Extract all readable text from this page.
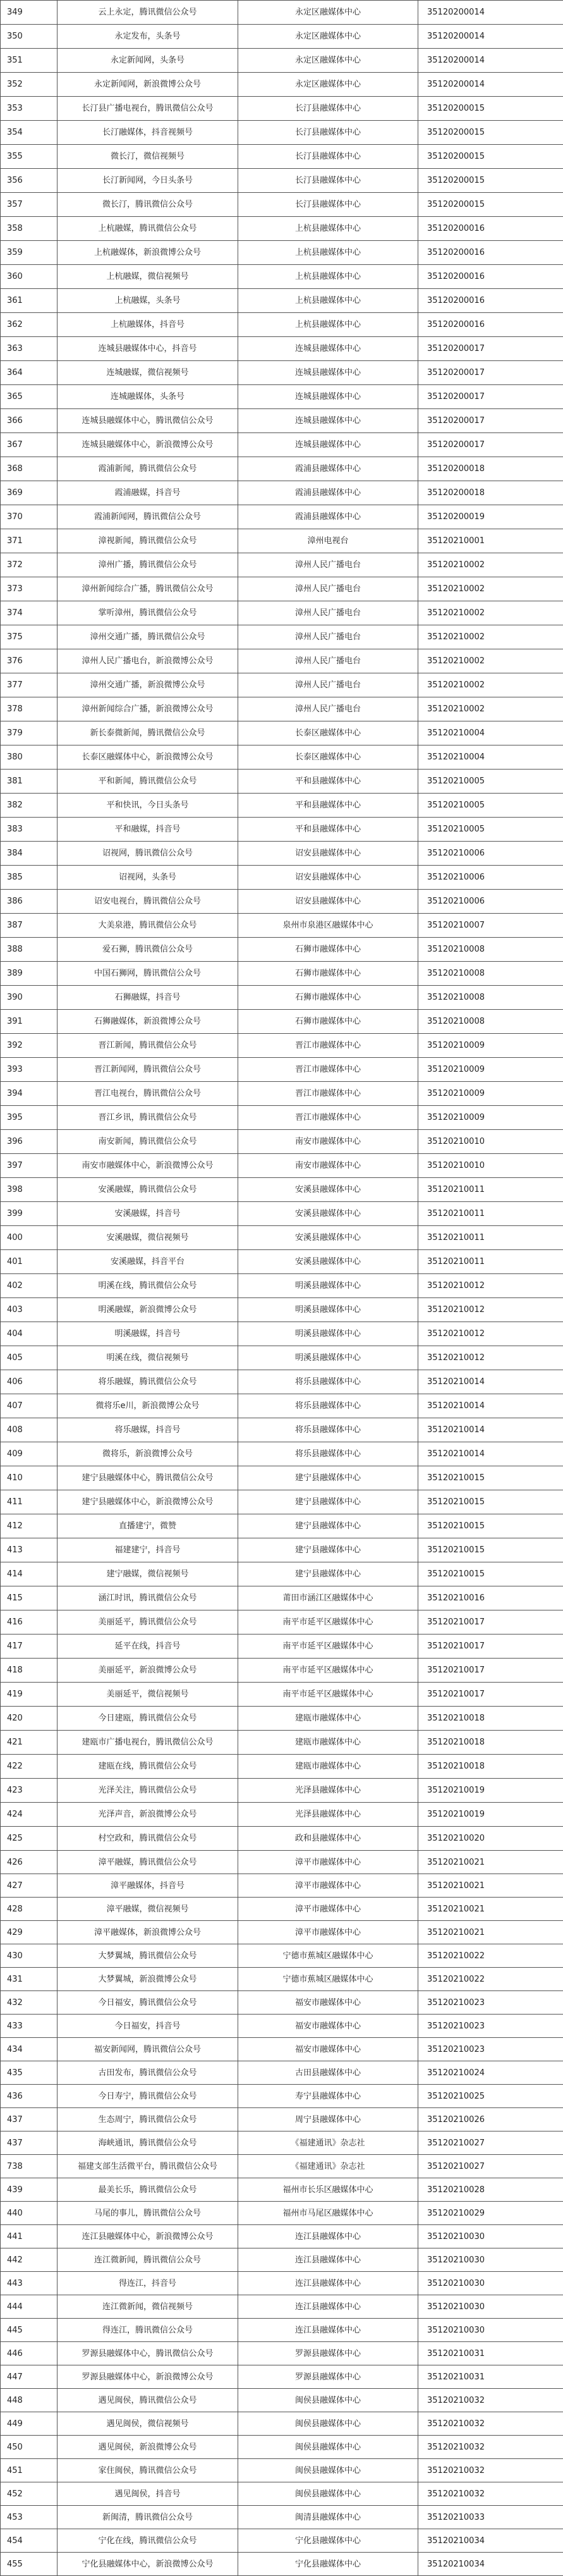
349	云上永定，腾讯微信公众号	永定区融媒体中心	35120200014
350	永定发布，头条号	永定区融媒体中心	35120200014
351	永定新闻网，头条号	永定区融媒体中心	35120200014
352	永定新闻网，新浪微博公众号	永定区融媒体中心	35120200014
353	长汀县广播电视台，腾讯微信公众号	长汀县融媒体中心	35120200015
354	长汀融媒体，抖音视频号	长汀县融媒体中心	35120200015
355	微长汀，微信视频号	长汀县融媒体中心	35120200015
356	长汀新闻网，今日头条号	长汀县融媒体中心	35120200015
357	微长汀，腾讯微信公众号	长汀县融媒体中心	35120200015
358	上杭融媒，腾讯微信公众号	上杭县融媒体中心	35120200016
359	上杭融媒体，新浪微博公众号	上杭县融媒体中心	35120200016
360	上杭融媒，微信视频号	上杭县融媒体中心	35120200016
361	上杭融媒，头条号	上杭县融媒体中心	35120200016
362	上杭融媒体，抖音号	上杭县融媒体中心	35120200016
363	连城县融媒体中心，抖音号	连城县融媒体中心	35120200017
364	连城融媒，微信视频号	连城县融媒体中心	35120200017
365	连城融媒体，头条号	连城县融媒体中心	35120200017
366	连城县融媒体中心，腾讯微信公众号	连城县融媒体中心	35120200017
367	连城县融媒体中心，新浪微博公众号	连城县融媒体中心	35120200017
368	霞浦新闻，腾讯微信公众号	霞浦县融媒体中心	35120200018
369	霞浦融媒，抖音号	霞浦县融媒体中心	35120200018
370	霞浦新闻网，腾讯微信公众号	霞浦县融媒体中心	35120200019
371	漳视新闻，腾讯微信公众号	漳州电视台	35120210001
372	漳州广播，腾讯微信公众号	漳州人民广播电台	35120210002
373	漳州新闻综合广播，腾讯微信公众号	漳州人民广播电台	35120210002
374	掌听漳州，腾讯微信公众号	漳州人民广播电台	35120210002
375	漳州交通广播，腾讯微信公众号	漳州人民广播电台	35120210002
376	漳州人民广播电台，新浪微博公众号	漳州人民广播电台	35120210002
377	漳州交通广播，新浪微博公众号	漳州人民广播电台	35120210002
378	漳州新闻综合广播，新浪微博公众号	漳州人民广播电台	35120210002
379	新长泰微新闻，腾讯微信公众号	长泰区融媒体中心	35120210004
380	长泰区融媒体中心，新浪微博公众号	长泰区融媒体中心	35120210004
381	平和新闻，腾讯微信公众号	平和县融媒体中心	35120210005
382	平和快讯，今日头条号	平和县融媒体中心	35120210005
383	平和融媒，抖音号	平和县融媒体中心	35120210005
384	诏视网，腾讯微信公众号	诏安县融媒体中心	35120210006
385	诏视网，头条号	诏安县融媒体中心	35120210006
386	诏安电视台，腾讯微信公众号	诏安县融媒体中心	35120210006
387	大美泉港，腾讯微信公众号	泉州市泉港区融媒体中心	35120210007
388	爱石狮，腾讯微信公众号	石狮市融媒体中心	35120210008
389	中国石狮网，腾讯微信公众号	石狮市融媒体中心	35120210008
390	石狮融媒，抖音号	石狮市融媒体中心	35120210008
391	石狮融媒体，新浪微博公众号	石狮市融媒体中心	35120210008
392	晋江新闻，腾讯微信公众号	晋江市融媒体中心	35120210009
393	晋江新闻网，腾讯微信公众号	晋江市融媒体中心	35120210009
394	晋江电视台，腾讯微信公众号	晋江市融媒体中心	35120210009
395	晋江乡讯，腾讯微信公众号	晋江市融媒体中心	35120210009
396	南安新闻，腾讯微信公众号	南安市融媒体中心	35120210010
397	南安市融媒体中心，新浪微博公众号	南安市融媒体中心	35120210010
398	安溪融媒，腾讯微信公众号	安溪县融媒体中心	35120210011
399	安溪融媒，抖音号	安溪县融媒体中心	35120210011
400	安溪融媒，微信视频号	安溪县融媒体中心	35120210011
401	安溪融媒，抖音平台	安溪县融媒体中心	35120210011
402	明溪在线，腾讯微信公众号	明溪县融媒体中心	35120210012
403	明溪融媒，新浪微博公众号	明溪县融媒体中心	35120210012
404	明溪融媒，抖音号	明溪县融媒体中心	35120210012
405	明溪在线，微信视频号	明溪县融媒体中心	35120210012
406	将乐融媒，腾讯微信公众号	将乐县融媒体中心	35120210014
407	微将乐e川，新浪微博公众号	将乐县融媒体中心	35120210014
408	将乐融媒，抖音号	将乐县融媒体中心	35120210014
409	微将乐，新浪微博公众号	将乐县融媒体中心	35120210014
410	建宁县融媒体中心，腾讯微信公众号	建宁县融媒体中心	35120210015
411	建宁县融媒体中心，新浪微博公众号	建宁县融媒体中心	35120210015
412	直播建宁，微赞	建宁县融媒体中心	35120210015
413	福建建宁，抖音号	建宁县融媒体中心	35120210015
414	建宁融媒，微信视频号	建宁县融媒体中心	35120210015
415	涵江时讯，腾讯微信公众号	莆田市涵江区融媒体中心	35120210016
416	美丽延平，腾讯微信公众号	南平市延平区融媒体中心	35120210017
417	延平在线，抖音号	南平市延平区融媒体中心	35120210017
418	美丽延平，新浪微博公众号	南平市延平区融媒体中心	35120210017
419	美丽延平，微信视频号	南平市延平区融媒体中心	35120210017
420	今日建瓯，腾讯微信公众号	建瓯市融媒体中心	35120210018
421	建瓯市广播电视台，腾讯微信公众号	建瓯市融媒体中心	35120210018
422	建瓯在线，腾讯微信公众号	建瓯市融媒体中心	35120210018
423	光泽关注，腾讯微信公众号	光泽县融媒体中心	35120210019
424	光泽声音，新浪微博公众号	光泽县融媒体中心	35120210019
425	村空政和，腾讯微信公众号	政和县融媒体中心	35120210020
426	漳平融媒，腾讯微信公众号	漳平市融媒体中心	35120210021
427	漳平融媒体，抖音号	漳平市融媒体中心	35120210021
428	漳平融媒，微信视频号	漳平市融媒体中心	35120210021
429	漳平融媒体，新浪微博公众号	漳平市融媒体中心	35120210021
430	大梦翼城，腾讯微信公众号	宁德市蕉城区融媒体中心	35120210022
431	大梦翼城，新浪微博公众号	宁德市蕉城区融媒体中心	35120210022
432	今日福安，腾讯微信公众号	福安市融媒体中心	35120210023
433	今日福安，抖音号	福安市融媒体中心	35120210023
434	福安新闻网，腾讯微信公众号	福安市融媒体中心	35120210023
435	古田发布，腾讯微信公众号	古田县融媒体中心	35120210024
436	今日寿宁，腾讯微信公众号	寿宁县融媒体中心	35120210025
437	生态周宁，腾讯微信公众号	周宁县融媒体中心	35120210026
437	海峡通讯，腾讯微信公众号	《福建通讯》杂志社	35120210027
738	福建支部生活微平台，腾讯微信公众号	《福建通讯》杂志社	35120210027
439	最美长乐，腾讯微信公众号	福州市长乐区融媒体中心	35120210028
440	马尾的事儿，腾讯微信公众号	福州市马尾区融媒体中心	35120210029
441	连江县融媒体中心，新浪微博公众号	连江县融媒体中心	35120210030
442	连江微新闻，腾讯微信公众号	连江县融媒体中心	35120210030
443	得连江，抖音号	连江县融媒体中心	35120210030
444	连江微新闻，微信视频号	连江县融媒体中心	35120210030
445	得连江，腾讯微信公众号	连江县融媒体中心	35120210030
446	罗源县融媒体中心，腾讯微信公众号	罗源县融媒体中心	35120210031
447	罗源县融媒体中心，新浪微博公众号	罗源县融媒体中心	35120210031
448	遇见闽侯，腾讯微信公众号	闽侯县融媒体中心	35120210032
449	遇见闽侯，微信视频号	闽侯县融媒体中心	35120210032
450	遇见闽侯，新浪微博公众号	闽侯县融媒体中心	35120210032
451	家住闽侯，腾讯微信公众号	闽侯县融媒体中心	35120210032
452	遇见闽侯，抖音号	闽侯县融媒体中心	35120210032
453	新闽清，腾讯微信公众号	闽清县融媒体中心	35120210033
454	宁化在线，腾讯微信公众号	宁化县融媒体中心	35120210034
455	宁化县融媒体中心，新浪微博公众号	宁化县融媒体中心	35120210034
